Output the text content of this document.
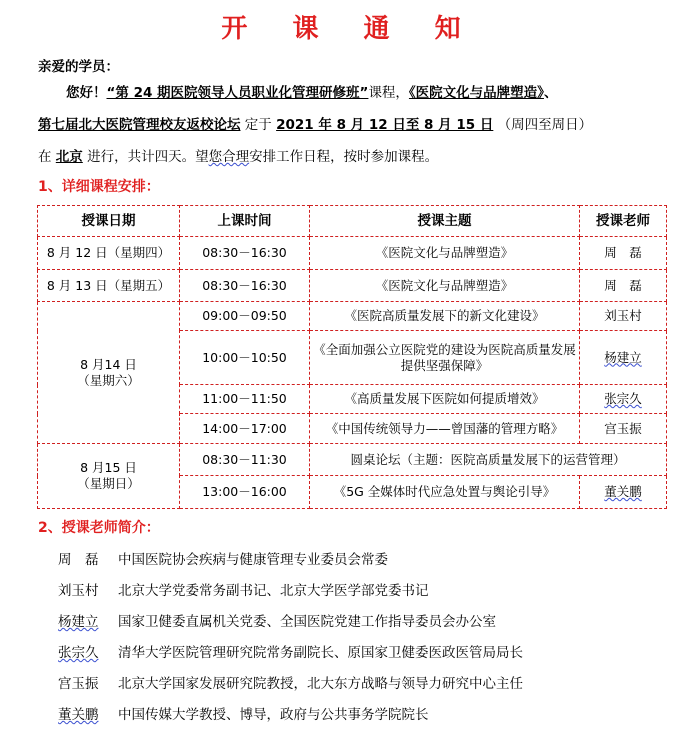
开 课 通 知
亲爱的学员：
您好！“第 24 期医院领导人员职业化管理研修班”课程，《医院文化与品牌塑造》、
第七届北大医院管理校友返校论坛 定于 2021 年 8 月 12 日至 8 月 15 日 （周四至周日）
在 北京 进行，共计四天。望您合理安排工作日程，按时参加课程。
1、详细课程安排：
授课日期	上课时间	授课主题	授课老师
8 月 12 日（星期四）	08:30－16:30	《医院文化与品牌塑造》	周　磊
8 月 13 日（星期五）	08:30－16:30	《医院文化与品牌塑造》	周　磊

8 月14 日
（星期六）	09:00－09:50	《医院高质量发展下的新文化建设》	刘玉村
	10:00－10:50	《全面加强公立医院党的建设为医院高质量发展提供坚强保障》	杨建立
	11:00－11:50	《高质量发展下医院如何提质增效》	张宗久
	14:00－17:00	《中国传统领导力——曾国藩的管理方略》	宫玉振

8 月15 日
（星期日）	08:30－11:30	圆桌论坛（主题：医院高质量发展下的运营管理）	
	13:00－16:00	《5G 全媒体时代应急处置与舆论引导》	董关鹏
2、授课老师简介：
周　磊	中国医院协会疾病与健康管理专业委员会常委
刘玉村	北京大学党委常务副书记、北京大学医学部党委书记
杨建立	国家卫健委直属机关党委、全国医院党建工作指导委员会办公室
张宗久	清华大学医院管理研究院常务副院长、原国家卫健委医政医管局局长
宫玉振	北京大学国家发展研究院教授，北大东方战略与领导力研究中心主任
董关鹏	中国传媒大学教授、博导，政府与公共事务学院院长
